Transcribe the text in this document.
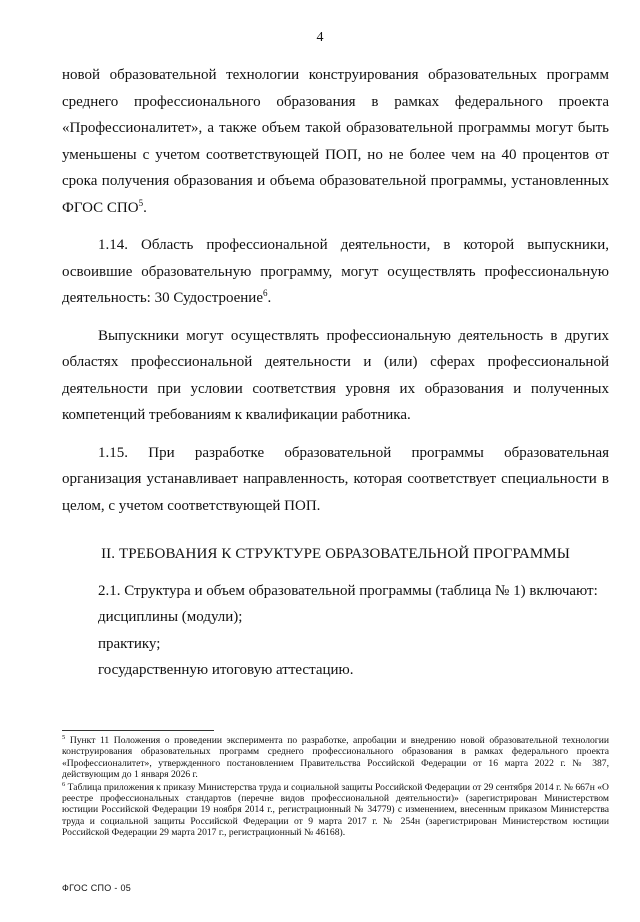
4

новой образовательной технологии конструирования образовательных программ среднего профессионального образования в рамках федерального проекта «Профессионалитет», а также объем такой образовательной программы могут быть уменьшены с учетом соответствующей ПОП, но не более чем на 40 процентов от срока получения образования и объема образовательной программы, установленных ФГОС СПО$^5$.

1.14. Область профессиональной деятельности, в которой выпускники, освоившие образовательную программу, могут осуществлять профессиональную деятельность: 30 Судостроение$^6$.

Выпускники могут осуществлять профессиональную деятельность в других областях профессиональной деятельности и (или) сферах профессиональной деятельности при условии соответствия уровня их образования и полученных компетенций требованиям к квалификации работника.

1.15. При разработке образовательной программы образовательная организация устанавливает направленность, которая соответствует специальности в целом, с учетом соответствующей ПОП.

II. ТРЕБОВАНИЯ К СТРУКТУРЕ ОБРАЗОВАТЕЛЬНОЙ ПРОГРАММЫ

2.1. Структура и объем образовательной программы (таблица № 1) включают:

дисциплины (модули);

практику;

государственную итоговую аттестацию.

$^5$ Пункт 11 Положения о проведении эксперимента по разработке, апробации и внедрению новой образовательной технологии конструирования образовательных программ среднего профессионального образования в рамках федерального проекта «Профессионалитет», утвержденного постановлением Правительства Российской Федерации от 16 марта 2022 г. № 387, действующим до 1 января 2026 г.

$^6$ Таблица приложения к приказу Министерства труда и социальной защиты Российской Федерации от 29 сентября 2014 г. № 667н «О реестре профессиональных стандартов (перечне видов профессиональной деятельности)» (зарегистрирован Министерством юстиции Российской Федерации 19 ноября 2014 г., регистрационный № 34779) с изменением, внесенным приказом Министерства труда и социальной защиты Российской Федерации от 9 марта 2017 г. № 254н (зарегистрирован Министерством юстиции Российской Федерации 29 марта 2017 г., регистрационный № 46168).

ФГОС СПО - 05
